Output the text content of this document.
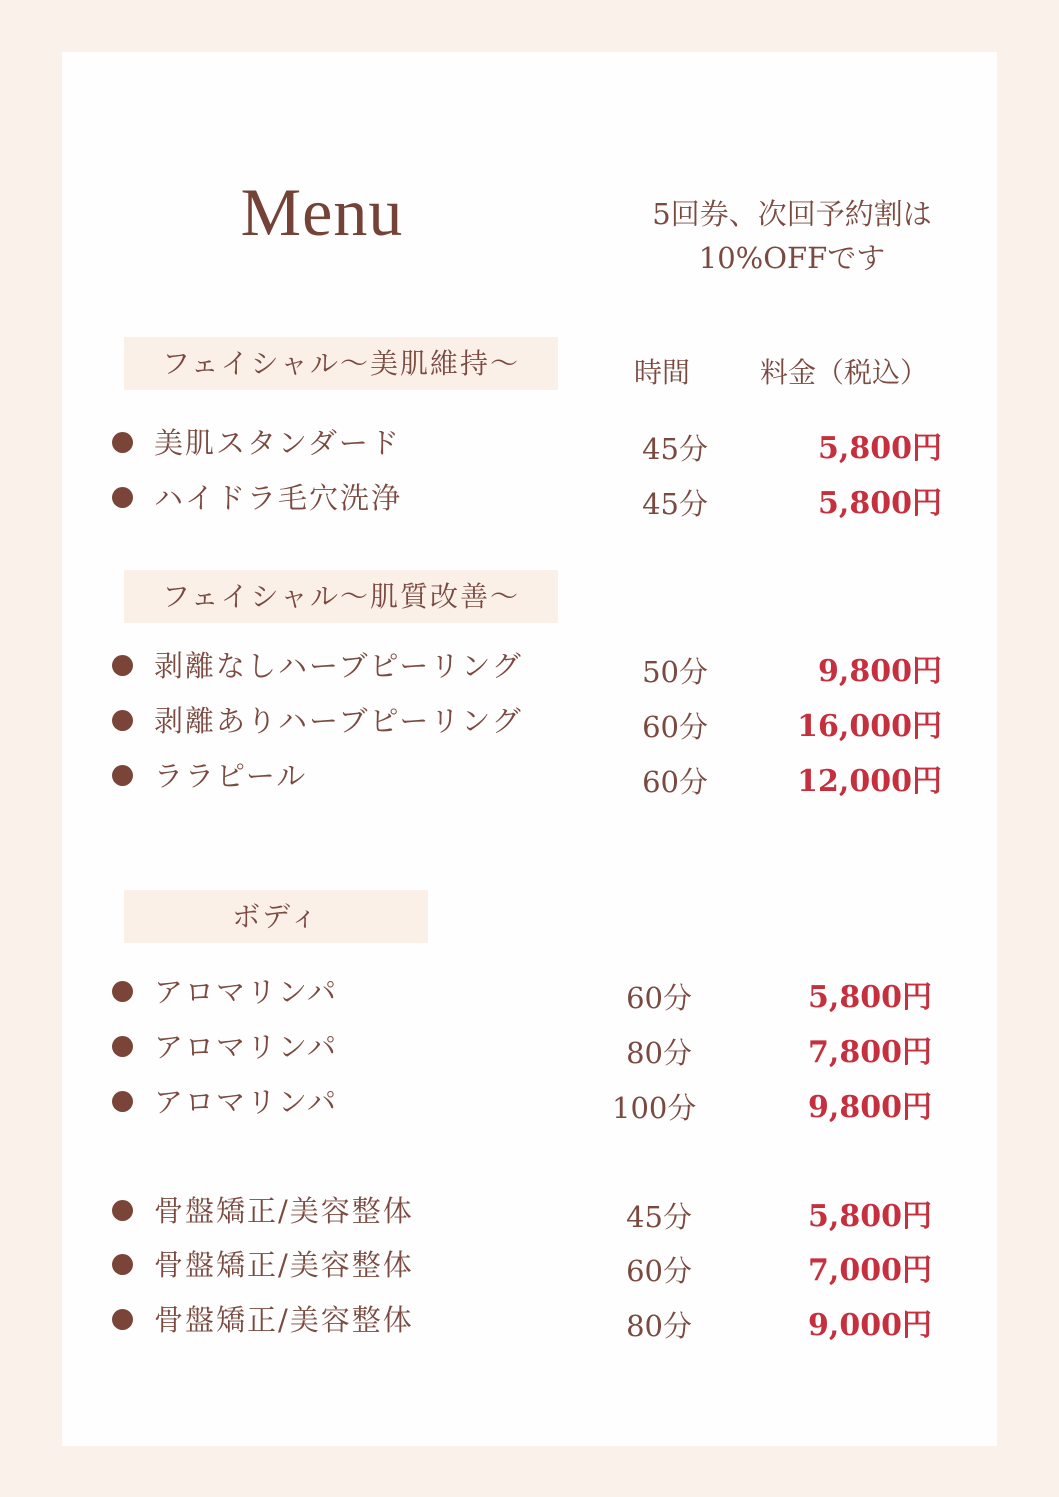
Menu	5回券、次回予約割は
10%OFFです
フェイシャル～美肌維持～	時間 料金（税込）
美肌スタンダード	45分	5,800円
ハイドラ毛穴洗浄	45分	5,800円
フェイシャル～肌質改善～
剥離なしハーブピーリング	50分	9,800円
剥離ありハーブピーリング	60分	16,000円
ララピール	60分	12,000円
ボディ
アロマリンパ	60分	5,800円
アロマリンパ	80分	7,800円
アロマリンパ	100分	9,800円
骨盤矯正/美容整体	45分	5,800円
骨盤矯正/美容整体	60分	7,000円
骨盤矯正/美容整体	80分	9,000円
